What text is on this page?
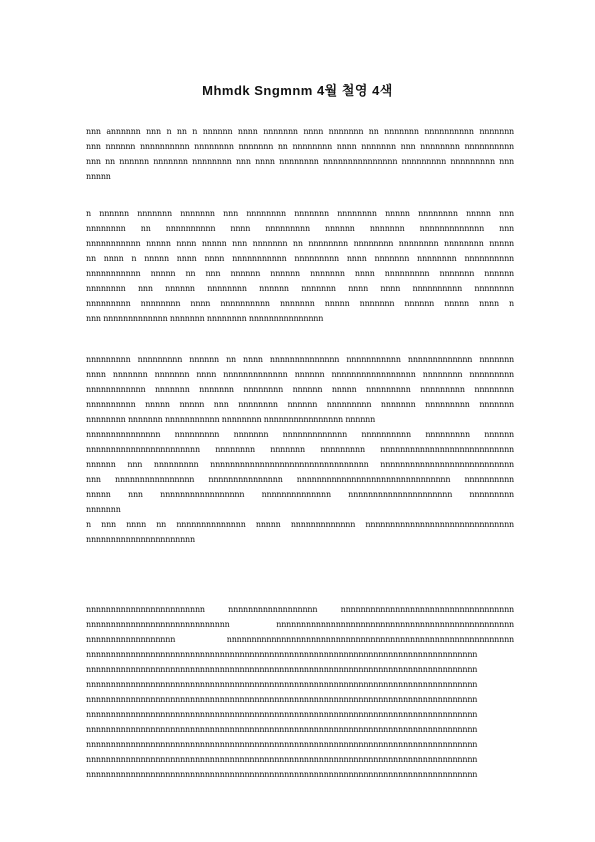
Mhmdk Sngmnm 4월 철영 4색
nnn annnnnn nnn n nn n nnnnnn nnnn nnnnnnn nnnn nnnnnnn nn nnnnnnn nnnnnnnnnn nnnnnnn
nnn nnnnnn nnnnnnnnnn nnnnnnnn nnnnnnn nn nnnnnnnn nnnn nnnnnnn nnn nnnnnnnn nnnnnnnnnn
nnn nn nnnnnn nnnnnnn nnnnnnnn nnn nnnn nnnnnnnn nnnnnnnnnnnnnnn nnnnnnnnn nnnnnnnnn nnn
nnnnn
n nnnnnn nnnnnnn nnnnnnn nnn nnnnnnnn nnnnnnn nnnnnnnn nnnnn nnnnnnnn nnnnn nnn
nnnnnnnn nn nnnnnnnnnn nnnn nnnnnnnnn nnnnnn nnnnnnn nnnnnnnnnnnnn nnn
nnnnnnnnnnn nnnnn nnnn nnnnn nnn nnnnnnn nn nnnnnnnn nnnnnnnn nnnnnnnn nnnnnnnn nnnnn
nn nnnn n nnnnn nnnn nnnn nnnnnnnnnnn nnnnnnnnn nnnn nnnnnnn nnnnnnnn nnnnnnnnnn
nnnnnnnnnnn nnnnn nn nnn nnnnnn nnnnnn nnnnnnn nnnn nnnnnnnnn nnnnnnn nnnnnn
nnnnnnnn nnn nnnnnn nnnnnnnn nnnnnn nnnnnnn nnnn nnnn nnnnnnnnnn nnnnnnnn
nnnnnnnnn nnnnnnnn nnnn nnnnnnnnnn nnnnnnn nnnnn nnnnnnn nnnnnn nnnnn nnnn n
nnn nnnnnnnnnnnnn nnnnnnn nnnnnnnn nnnnnnnnnnnnnnn
nnnnnnnnn nnnnnnnnn nnnnnn nn nnnn nnnnnnnnnnnnnn nnnnnnnnnnn nnnnnnnnnnnnn nnnnnnn
nnnn nnnnnnn nnnnnnn nnnn nnnnnnnnnnnnn nnnnnn nnnnnnnnnnnnnnnnn nnnnnnnn nnnnnnnnn
nnnnnnnnnnnn nnnnnnn nnnnnnn nnnnnnnn nnnnnn nnnnn nnnnnnnnn nnnnnnnnn nnnnnnnn
nnnnnnnnnn nnnnn nnnnn nnn nnnnnnnn nnnnnn nnnnnnnnn nnnnnnn nnnnnnnnn nnnnnnn
nnnnnnnn nnnnnnn nnnnnnnnnnn nnnnnnnn nnnnnnnnnnnnnnnn nnnnnn
nnnnnnnnnnnnnnn nnnnnnnnn nnnnnnn nnnnnnnnnnnnn nnnnnnnnnn nnnnnnnnn nnnnnn
nnnnnnnnnnnnnnnnnnnnnnn nnnnnnnn nnnnnnn nnnnnnnnn nnnnnnnnnnnnnnnnnnnnnnnnnnn
nnnnnn nnn nnnnnnnnn nnnnnnnnnnnnnnnnnnnnnnnnnnnnnnnn nnnnnnnnnnnnnnnnnnnnnnnnnnn
nnn nnnnnnnnnnnnnnnn nnnnnnnnnnnnnnn nnnnnnnnnnnnnnnnnnnnnnnnnnnnnnn nnnnnnnnnn
nnnnn nnn nnnnnnnnnnnnnnnnn nnnnnnnnnnnnnn nnnnnnnnnnnnnnnnnnnnn nnnnnnnnn
nnnnnnn
n nnn nnnn nn nnnnnnnnnnnnnn nnnnn nnnnnnnnnnnnn nnnnnnnnnnnnnnnnnnnnnnnnnnnnnn
nnnnnnnnnnnnnnnnnnnnnn
nnnnnnnnnnnnnnnnnnnnnnnn nnnnnnnnnnnnnnnnnn nnnnnnnnnnnnnnnnnnnnnnnnnnnnnnnnnnn
nnnnnnnnnnnnnnnnnnnnnnnnnnnnn nnnnnnnnnnnnnnnnnnnnnnnnnnnnnnnnnnnnnnnnnnnnnnnn
nnnnnnnnnnnnnnnnnn nnnnnnnnnnnnnnnnnnnnnnnnnnnnnnnnnnnnnnnnnnnnnnnnnnnnnnnnnn
nnnnnnnnnnnnnnnnnnnnnnnnnnnnnnnnnnnnnnnnnnnnnnnnnnnnnnnnnnnnnnnnnnnnnnnnnnnnnnn
nnnnnnnnnnnnnnnnnnnnnnnnnnnnnnnnnnnnnnnnnnnnnnnnnnnnnnnnnnnnnnnnnnnnnnnnnnnnnnn
nnnnnnnnnnnnnnnnnnnnnnnnnnnnnnnnnnnnnnnnnnnnnnnnnnnnnnnnnnnnnnnnnnnnnnnnnnnnnnn
nnnnnnnnnnnnnnnnnnnnnnnnnnnnnnnnnnnnnnnnnnnnnnnnnnnnnnnnnnnnnnnnnnnnnnnnnnnnnnn
nnnnnnnnnnnnnnnnnnnnnnnnnnnnnnnnnnnnnnnnnnnnnnnnnnnnnnnnnnnnnnnnnnnnnnnnnnnnnnn
nnnnnnnnnnnnnnnnnnnnnnnnnnnnnnnnnnnnnnnnnnnnnnnnnnnnnnnnnnnnnnnnnnnnnnnnnnnnnnn
nnnnnnnnnnnnnnnnnnnnnnnnnnnnnnnnnnnnnnnnnnnnnnnnnnnnnnnnnnnnnnnnnnnnnnnnnnnnnnn
nnnnnnnnnnnnnnnnnnnnnnnnnnnnnnnnnnnnnnnnnnnnnnnnnnnnnnnnnnnnnnnnnnnnnnnnnnnnnnn
nnnnnnnnnnnnnnnnnnnnnnnnnnnnnnnnnnnnnnnnnnnnnnnnnnnnnnnnnnnnnnnnnnnnnnnnnnnnnnn
